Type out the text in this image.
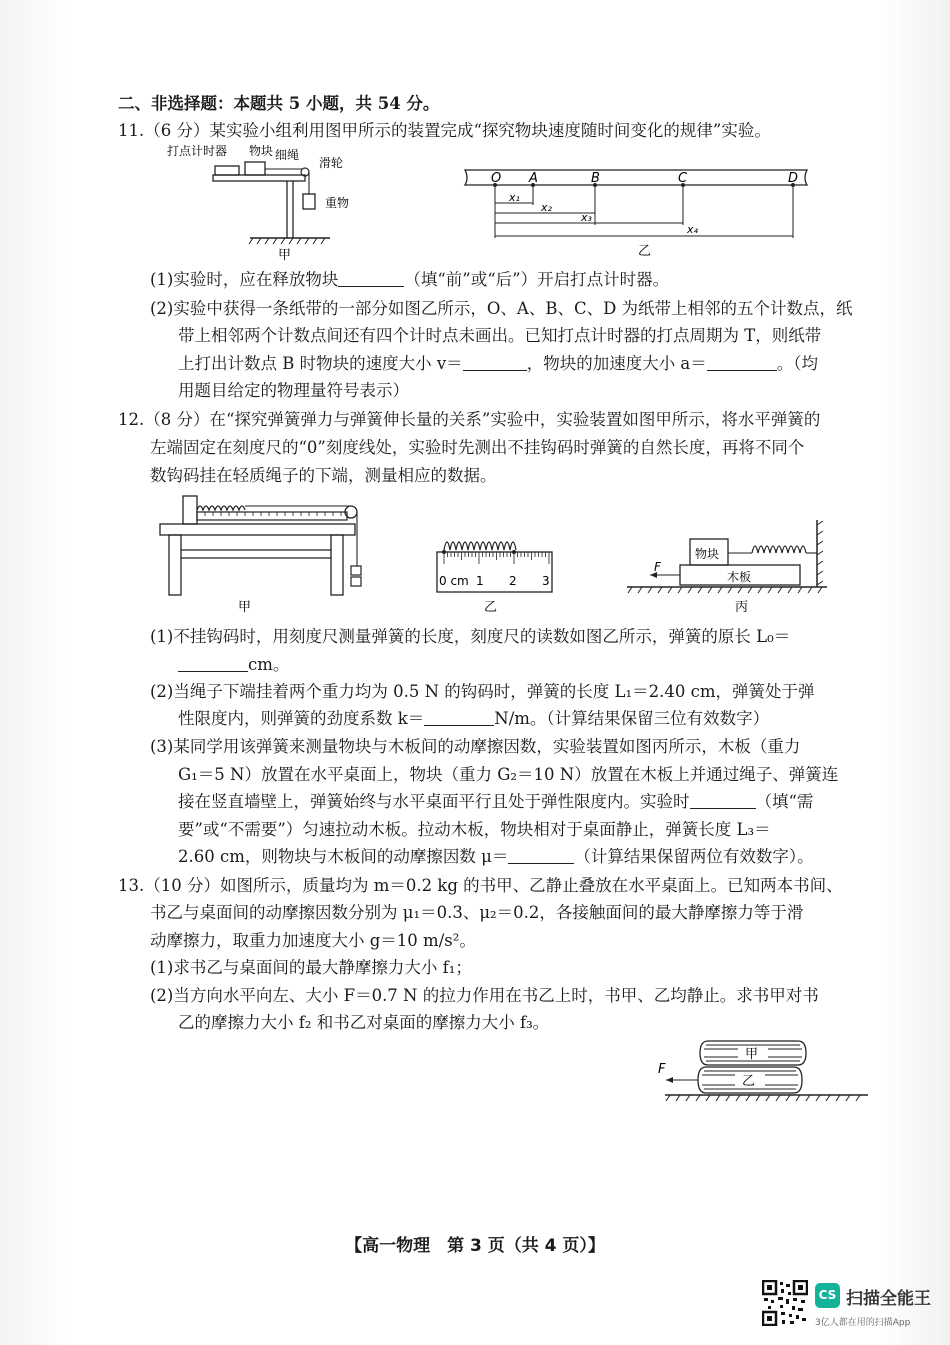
二、非选择题：本题共 5 小题，共 54 分。
11.（6 分）某实验小组利用图甲所示的装置完成“探究物块速度随时间变化的规律”实验。
打点计时器 物块 细绳
滑轮
重物
甲
O A	B	C	D
x₁
x₂
x₃
x₄
乙
(1)实验时，应在释放物块	（填“前”或“后”）开启打点计时器。
(2)实验中获得一条纸带的一部分如图乙所示，O、A、B、C、D 为纸带上相邻的五个计数点，纸
带上相邻两个计数点间还有四个计时点未画出。已知打点计时器的打点周期为 T，则纸带
上打出计数点 B 时物块的速度大小 v＝	，物块的加速度大小 a＝	。（均
用题目给定的物理量符号表示）
12.（8 分）在“探究弹簧弹力与弹簧伸长量的关系”实验中，实验装置如图甲所示，将水平弹簧的
左端固定在刻度尺的“0”刻度线处，实验时先测出不挂钩码时弹簧的自然长度，再将不同个
数钩码挂在轻质绳子的下端，测量相应的数据。
甲
0 cm 1 2 3
乙
物块
木板
F
丙
(1)不挂钩码时，用刻度尺测量弹簧的长度，刻度尺的读数如图乙所示，弹簧的原长 L₀＝
cm。
(2)当绳子下端挂着两个重力均为 0.5 N 的钩码时，弹簧的长度 L₁＝2.40 cm，弹簧处于弹
性限度内，则弹簧的劲度系数 k＝	N/m。（计算结果保留三位有效数字）
(3)某同学用该弹簧来测量物块与木板间的动摩擦因数，实验装置如图丙所示，木板（重力
G₁＝5 N）放置在水平桌面上，物块（重力 G₂＝10 N）放置在木板上并通过绳子、弹簧连
接在竖直墙壁上，弹簧始终与水平桌面平行且处于弹性限度内。实验时	（填“需
要”或“不需要”）匀速拉动木板。拉动木板，物块相对于桌面静止，弹簧长度 L₃＝
2.60 cm，则物块与木板间的动摩擦因数 μ＝	（计算结果保留两位有效数字）。
13.（10 分）如图所示，质量均为 m＝0.2 kg 的书甲、乙静止叠放在水平桌面上。已知两本书间、
书乙与桌面间的动摩擦因数分别为 μ₁＝0.3、μ₂＝0.2，各接触面间的最大静摩擦力等于滑
动摩擦力，取重力加速度大小 g＝10 m/s²。
(1)求书乙与桌面间的最大静摩擦力大小 f₁；
(2)当方向水平向左、大小 F＝0.7 N 的拉力作用在书乙上时，书甲、乙均静止。求书甲对书
乙的摩擦力大小 f₂ 和书乙对桌面的摩擦力大小 f₃。
甲
乙
F
【高一物理　第 3 页（共 4 页）】
CS 扫描全能王
3亿人都在用的扫描App
